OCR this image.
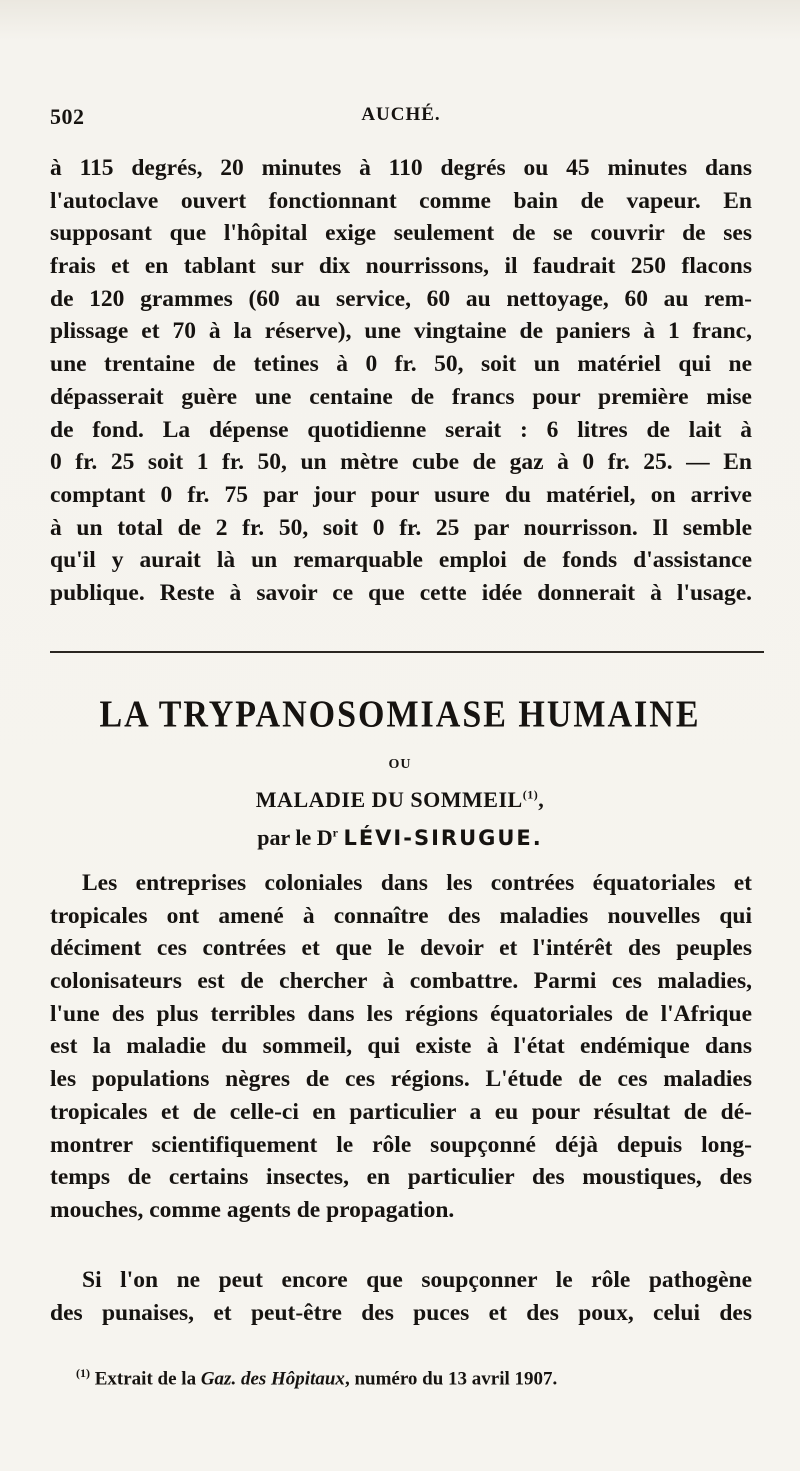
502	AUCHÉ.
à 115 degrés, 20 minutes à 110 degrés ou 45 minutes dans
l'autoclave ouvert fonctionnant comme bain de vapeur. En
supposant que l'hôpital exige seulement de se couvrir de ses
frais et en tablant sur dix nourrissons, il faudrait 250 flacons
de 120 grammes (60 au service, 60 au nettoyage, 60 au rem-
plissage et 70 à la réserve), une vingtaine de paniers à 1 franc,
une trentaine de tetines à 0 fr. 50, soit un matériel qui ne
dépasserait guère une centaine de francs pour première mise
de fond. La dépense quotidienne serait : 6 litres de lait à
0 fr. 25 soit 1 fr. 50, un mètre cube de gaz à 0 fr. 25. — En
comptant 0 fr. 75 par jour pour usure du matériel, on arrive
à un total de 2 fr. 50, soit 0 fr. 25 par nourrisson. Il semble
qu'il y aurait là un remarquable emploi de fonds d'assistance
publique. Reste à savoir ce que cette idée donnerait à l'usage.
LA TRYPANOSOMIASE HUMAINE
OU
MALADIE DU SOMMEIL$^{(1)}$,
par le $D^r$ LÉVI-SIRUGUE.
Les entreprises coloniales dans les contrées équatoriales et
tropicales ont amené à connaître des maladies nouvelles qui
déciment ces contrées et que le devoir et l'intérêt des peuples
colonisateurs est de chercher à combattre. Parmi ces maladies,
l'une des plus terribles dans les régions équatoriales de l'Afrique
est la maladie du sommeil, qui existe à l'état endémique dans
les populations nègres de ces régions. L'étude de ces maladies
tropicales et de celle-ci en particulier a eu pour résultat de dé-
montrer scientifiquement le rôle soupçonné déjà depuis long-
temps de certains insectes, en particulier des moustiques, des
mouches, comme agents de propagation.
Si l'on ne peut encore que soupçonner le rôle pathogène
des punaises, et peut-être des puces et des poux, celui des
$^{(1)}$ Extrait de la Gaz. des Hôpitaux, numéro du 13 avril 1907.
